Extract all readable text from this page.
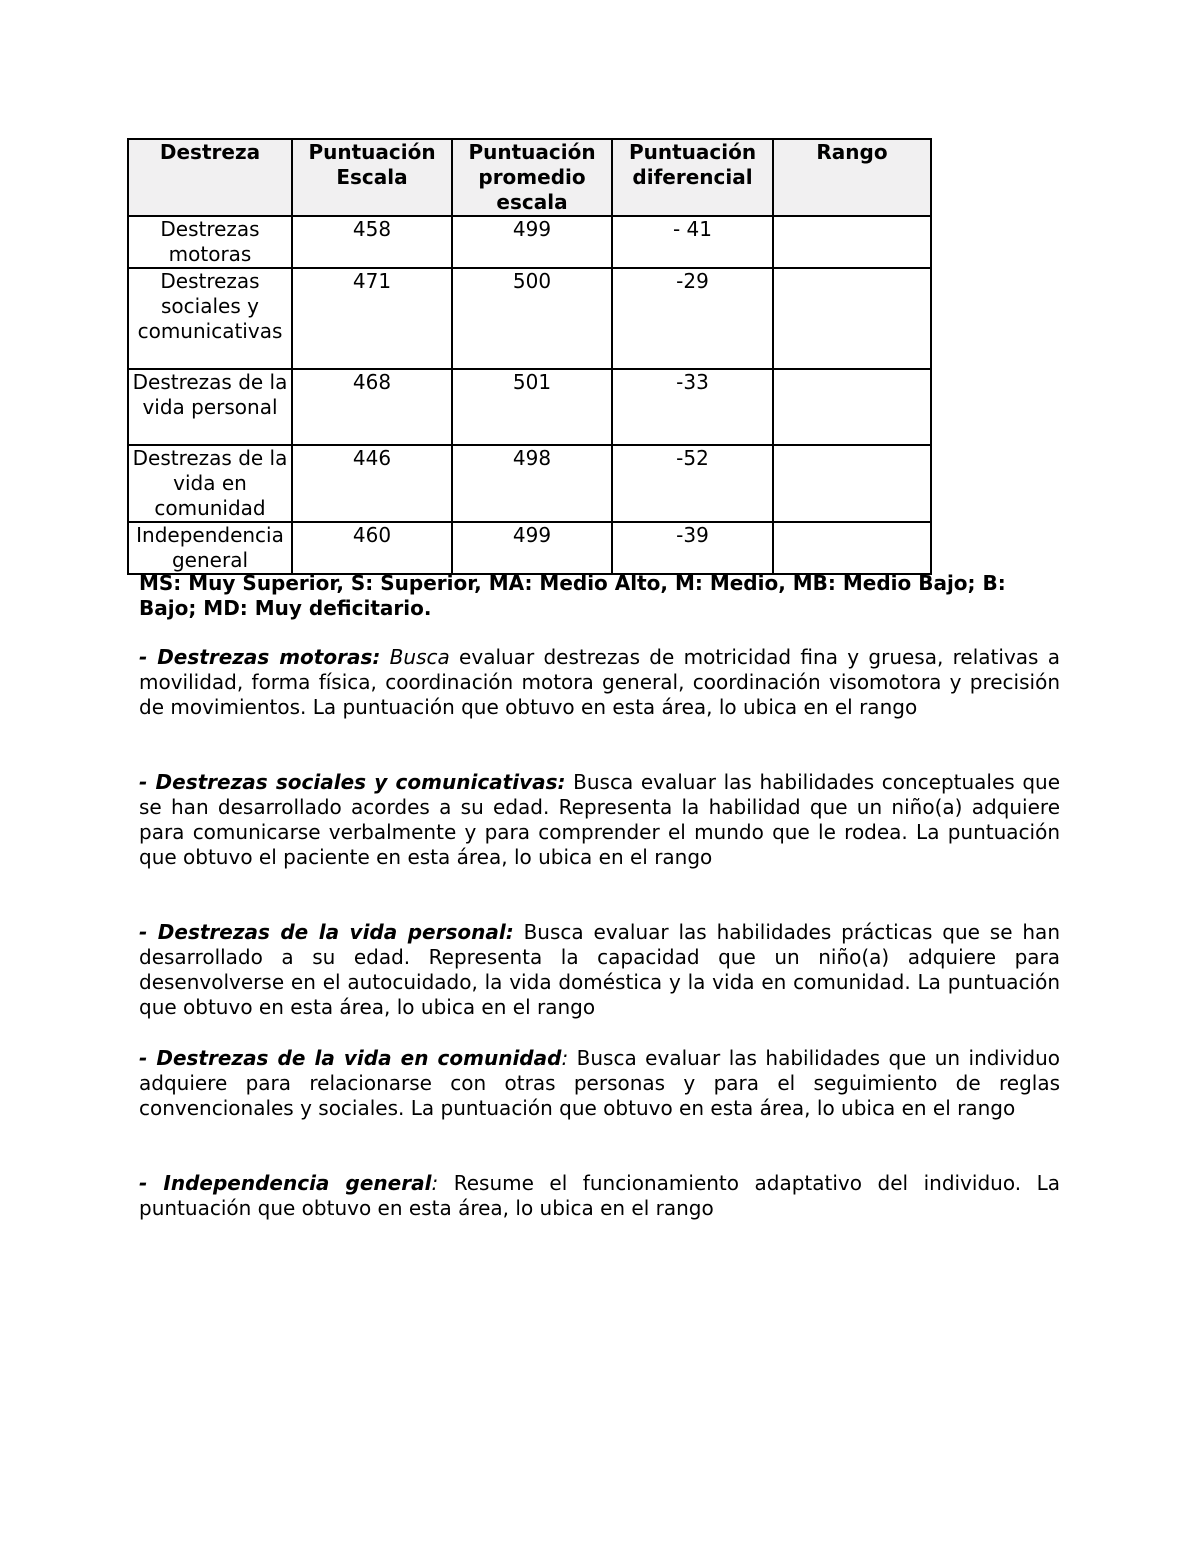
Destreza	Puntuación Escala	Puntuación promedio escala	Puntuación diferencial	Rango
Destrezas motoras	458	499	- 41	
Destrezas sociales y comunicativas	471	500	-29	
Destrezas de la vida personal	468	501	-33	
Destrezas de la vida en comunidad	446	498	-52	
Independencia general	460	499	-39	

MS: Muy Superior, S: Superior, MA: Medio Alto, M: Medio, MB: Medio Bajo; B: Bajo; MD: Muy deficitario.

- Destrezas motoras: Busca evaluar destrezas de motricidad fina y gruesa, relativas a movilidad, forma física, coordinación motora general, coordinación visomotora y precisión de movimientos. La puntuación que obtuvo en esta área, lo ubica en el rango

- Destrezas sociales y comunicativas: Busca evaluar las habilidades conceptuales que se han desarrollado acordes a su edad. Representa la habilidad que un niño(a) adquiere para comunicarse verbalmente y para comprender el mundo que le rodea. La puntuación que obtuvo el paciente en esta área, lo ubica en el rango

- Destrezas de la vida personal: Busca evaluar las habilidades prácticas que se han desarrollado a su edad. Representa la capacidad que un niño(a) adquiere para desenvolverse en el autocuidado, la vida doméstica y la vida en comunidad. La puntuación que obtuvo en esta área, lo ubica en el rango

- Destrezas de la vida en comunidad: Busca evaluar las habilidades que un individuo adquiere para relacionarse con otras personas y para el seguimiento de reglas convencionales y sociales. La puntuación que obtuvo en esta área, lo ubica en el rango

- Independencia general: Resume el funcionamiento adaptativo del individuo. La puntuación que obtuvo en esta área, lo ubica en el rango
